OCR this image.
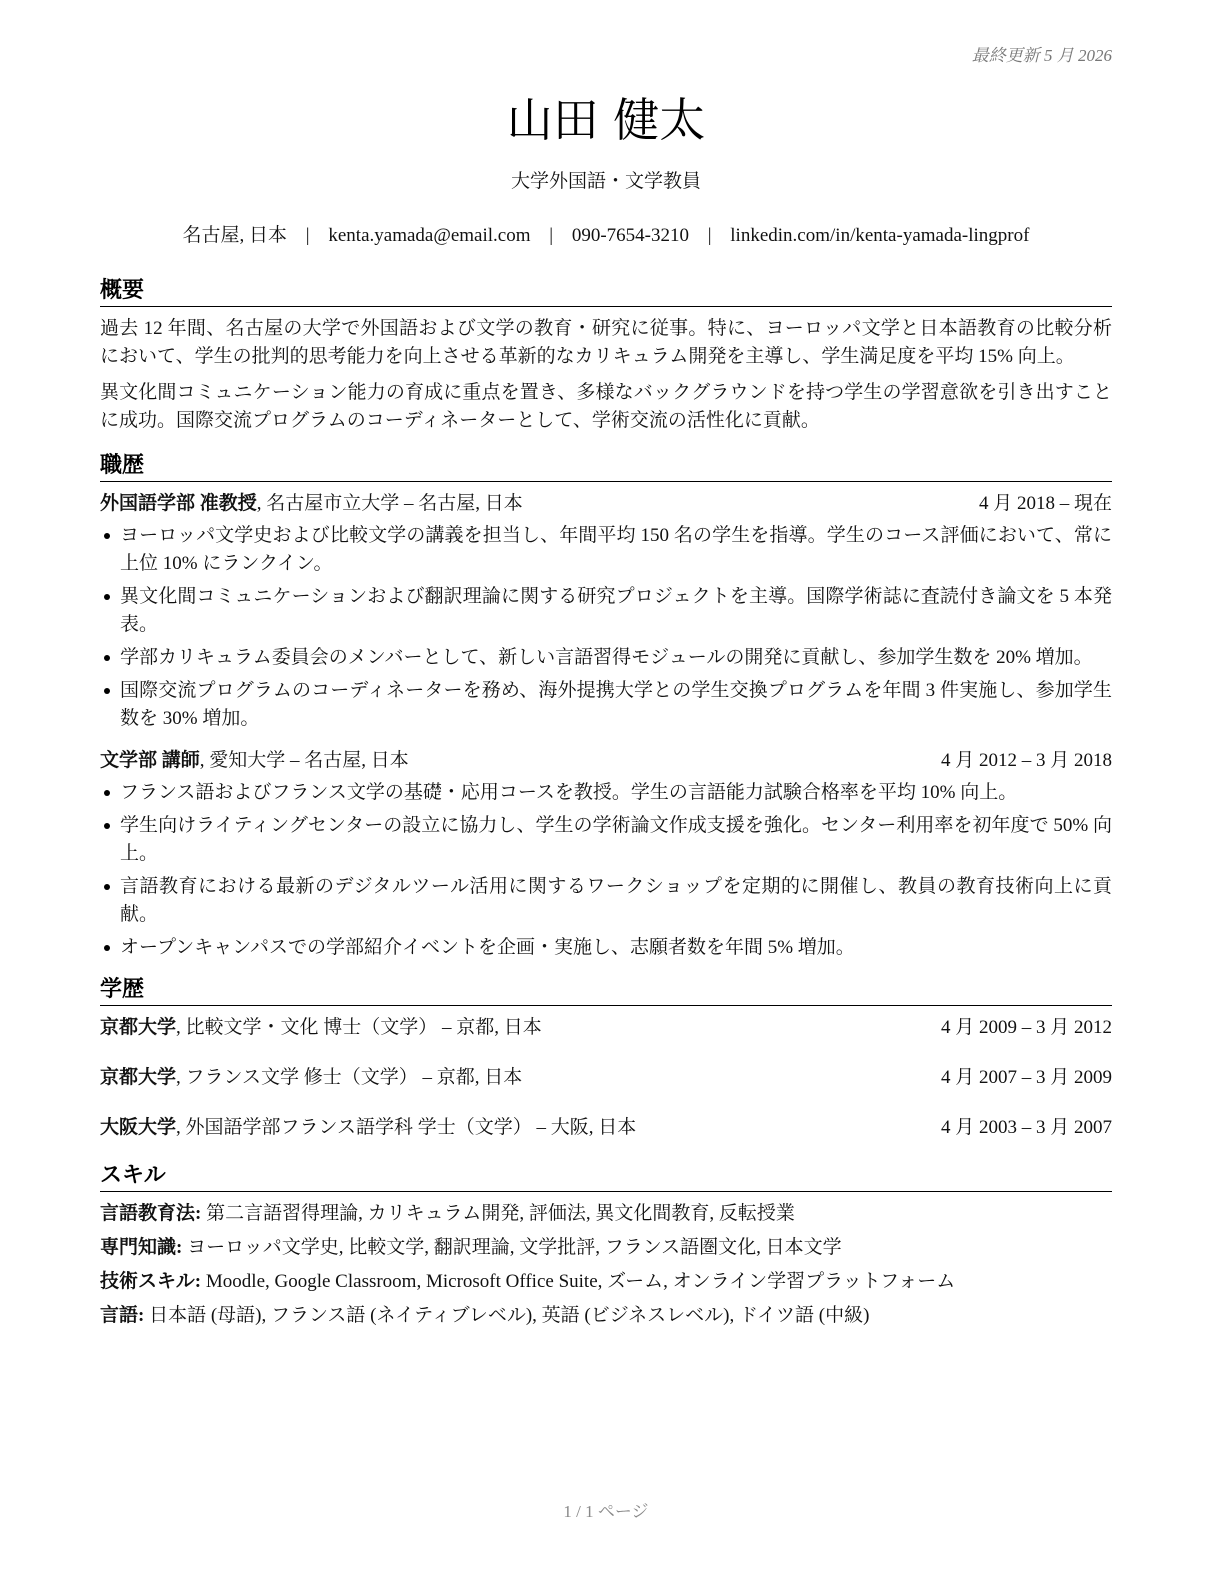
最終更新 5 月 2026
山田 健太
大学外国語・文学教員
名古屋, 日本 | kenta.yamada@email.com | 090-7654-3210 | linkedin.com/in/kenta-yamada-lingprof
概要

過去 12 年間、名古屋の大学で外国語および文学の教育・研究に従事。特に、ヨーロッパ文学と日本語教育の比較分析において、学生の批判的思考能力を向上させる革新的なカリキュラム開発を主導し、学生満足度を平均 15% 向上。

異文化間コミュニケーション能力の育成に重点を置き、多様なバックグラウンドを持つ学生の学習意欲を引き出すことに成功。国際交流プログラムのコーディネーターとして、学術交流の活性化に貢献。

職歴
外国語学部 准教授, 名古屋市立大学 – 名古屋, 日本	4 月 2018 – 現在
ヨーロッパ文学史および比較文学の講義を担当し、年間平均 150 名の学生を指導。学生のコース評価において、常に上位 10% にランクイン。
異文化間コミュニケーションおよび翻訳理論に関する研究プロジェクトを主導。国際学術誌に査読付き論文を 5 本発表。
学部カリキュラム委員会のメンバーとして、新しい言語習得モジュールの開発に貢献し、参加学生数を 20% 増加。
国際交流プログラムのコーディネーターを務め、海外提携大学との学生交換プログラムを年間 3 件実施し、参加学生数を 30% 増加。
文学部 講師, 愛知大学 – 名古屋, 日本	4 月 2012 – 3 月 2018
フランス語およびフランス文学の基礎・応用コースを教授。学生の言語能力試験合格率を平均 10% 向上。
学生向けライティングセンターの設立に協力し、学生の学術論文作成支援を強化。センター利用率を初年度で 50% 向上。
言語教育における最新のデジタルツール活用に関するワークショップを定期的に開催し、教員の教育技術向上に貢献。
オープンキャンパスでの学部紹介イベントを企画・実施し、志願者数を年間 5% 増加。
学歴
京都大学, 比較文学・文化 博士（文学） – 京都, 日本	4 月 2009 – 3 月 2012
京都大学, フランス文学 修士（文学） – 京都, 日本	4 月 2007 – 3 月 2009
大阪大学, 外国語学部フランス語学科 学士（文学） – 大阪, 日本	4 月 2003 – 3 月 2007
スキル
言語教育法: 第二言語習得理論, カリキュラム開発, 評価法, 異文化間教育, 反転授業
専門知識: ヨーロッパ文学史, 比較文学, 翻訳理論, 文学批評, フランス語圏文化, 日本文学
技術スキル: Moodle, Google Classroom, Microsoft Office Suite, ズーム, オンライン学習プラットフォーム
言語: 日本語 (母語), フランス語 (ネイティブレベル), 英語 (ビジネスレベル), ドイツ語 (中級)
1 / 1 ページ
